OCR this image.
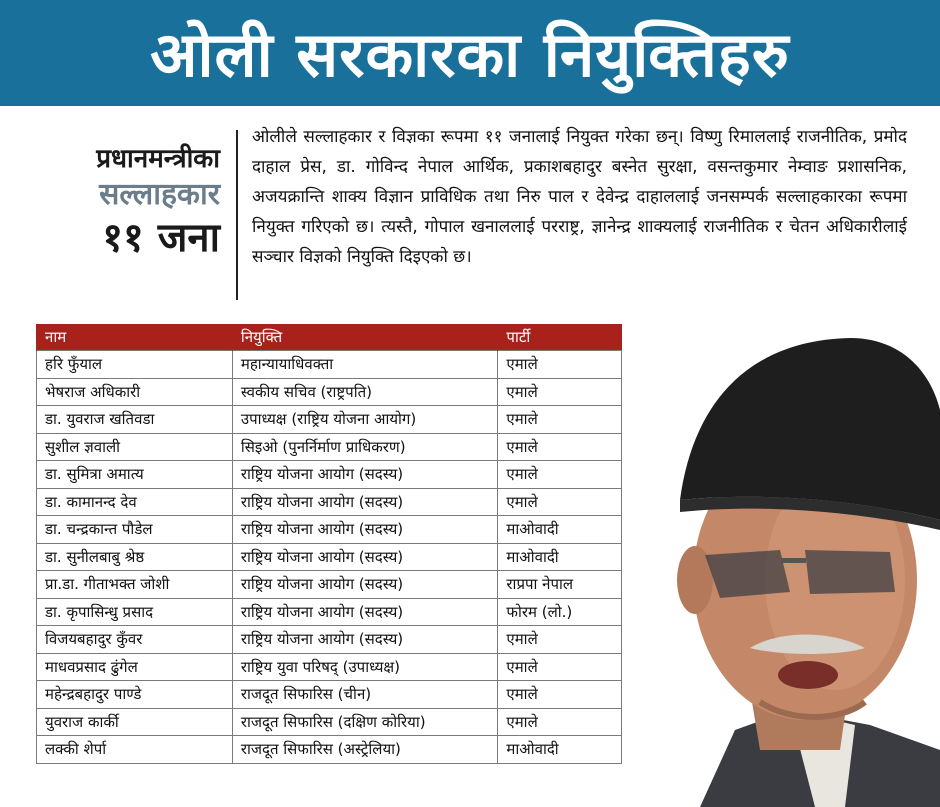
ओली सरकारका नियुक्तिहरु
प्रधानमन्त्रीका
सल्लाहकार
११ जना
ओलीले सल्लाहकार र विज्ञका रूपमा ११ जनालाई नियुक्त गरेका छन्। विष्णु रिमाललाई राजनीतिक, प्रमोद दाहाल प्रेस, डा. गोविन्द नेपाल आर्थिक, प्रकाशबहादुर बस्नेत सुरक्षा, वसन्तकुमार नेम्वाङ प्रशासनिक, अजयक्रान्ति शाक्य विज्ञान प्राविधिक तथा निरु पाल र देवेन्द्र दाहाललाई जनसम्पर्क सल्लाहकारका रूपमा नियुक्त गरिएको छ। त्यस्तै, गोपाल खनाललाई परराष्ट्र, ज्ञानेन्द्र शाक्यलाई राजनीतिक र चेतन अधिकारीलाई सञ्चार विज्ञको नियुक्ति दिइएको छ।
नाम	नियुक्ति	पार्टी
हरि फुँयाल	महान्यायाधिवक्ता	एमाले
भेषराज अधिकारी	स्वकीय सचिव (राष्ट्रपति)	एमाले
डा. युवराज खतिवडा	उपाध्यक्ष (राष्ट्रिय योजना आयोग)	एमाले
सुशील ज्ञवाली	सिइओ (पुनर्निर्माण प्राधिकरण)	एमाले
डा. सुमित्रा अमात्य	राष्ट्रिय योजना आयोग (सदस्य)	एमाले
डा. कामानन्द देव	राष्ट्रिय योजना आयोग (सदस्य)	एमाले
डा. चन्द्रकान्त पौडेल	राष्ट्रिय योजना आयोग (सदस्य)	माओवादी
डा. सुनीलबाबु श्रेष्ठ	राष्ट्रिय योजना आयोग (सदस्य)	माओवादी
प्रा.डा. गीताभक्त जोशी	राष्ट्रिय योजना आयोग (सदस्य)	राप्रपा नेपाल
डा. कृपासिन्धु प्रसाद	राष्ट्रिय योजना आयोग (सदस्य)	फोरम (लो.)
विजयबहादुर कुँवर	राष्ट्रिय योजना आयोग (सदस्य)	एमाले
माधवप्रसाद ढुंगेल	राष्ट्रिय युवा परिषद् (उपाध्यक्ष)	एमाले
महेन्द्रबहादुर पाण्डे	राजदूत सिफारिस (चीन)	एमाले
युवराज कार्की	राजदूत सिफारिस (दक्षिण कोरिया)	एमाले
लक्की शेर्पा	राजदूत सिफारिस (अस्ट्रेलिया)	माओवादी
